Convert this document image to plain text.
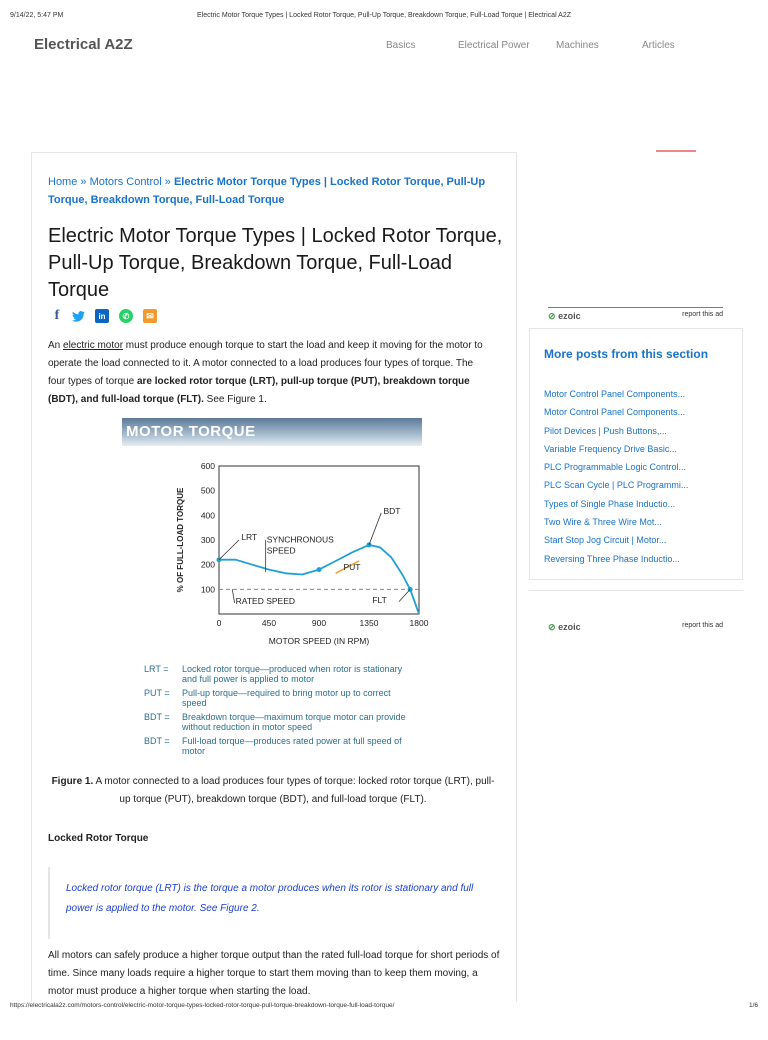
9/14/22, 5:47 PM	Electric Motor Torque Types | Locked Rotor Torque, Pull-Up Torque, Breakdown Torque, Full-Load Torque | Electrical A2Z
Electrical A2Z	Basics	Electrical Power	Machines	Articles
Home » Motors Control » Electric Motor Torque Types | Locked Rotor Torque, Pull-Up Torque, Breakdown Torque, Full-Load Torque
Electric Motor Torque Types | Locked Rotor Torque, Pull-Up Torque, Breakdown Torque, Full-Load Torque
f	in	✆	✉

An electric motor must produce enough torque to start the load and keep it moving for the motor to operate the load connected to it. A motor connected to a load produces four types of torque. The four types of torque are locked rotor torque (LRT), pull-up torque (PUT), breakdown torque (BDT), and full-load torque (FLT). See Figure 1.

MOTOR TORQUE
100
200
300
400
500
600
0	450	900	1350	1800
MOTOR SPEED (IN RPM)
% OF FULL-LOAD TORQUE	LRT SYNCHRONOUS
SPEED
PUT
BDT
FLT
RATED SPEED
LRT = Locked rotor torque—produced when rotor is stationary and full power is applied to motor
PUT = Pull-up torque—required to bring motor up to correct speed
BDT = Breakdown torque—maximum torque motor can provide without reduction in motor speed
BDT = Full-load torque—produces rated power at full speed of motor

Figure 1. A motor connected to a load produces four types of torque: locked rotor torque (LRT), pull-up torque (PUT), breakdown torque (BDT), and full-load torque (FLT).

Locked Rotor Torque

Locked rotor torque (LRT) is the torque a motor produces when its rotor is stationary and full power is applied to the motor. See Figure 2.

All motors can safely produce a higher torque output than the rated full-load torque for short periods of time. Since many loads require a higher torque to start them moving than to keep them moving, a motor must produce a higher torque when starting the load.

⊘ ezoic	report this ad
More posts from this section
Motor Control Panel Components...
Motor Control Panel Components...
Pilot Devices | Push Buttons,...
Variable Frequency Drive Basic...
PLC Programmable Logic Control...
PLC Scan Cycle | PLC Programmi...
Types of Single Phase Inductio...
Two Wire & Three Wire Mot...
Start Stop Jog Circuit | Motor...
Reversing Three Phase Inductio...
⊘ ezoic	report this ad
https://electricala2z.com/motors-control/electric-motor-torque-types-locked-rotor-torque-pull-torque-breakdown-torque-full-load-torque/	1/6
